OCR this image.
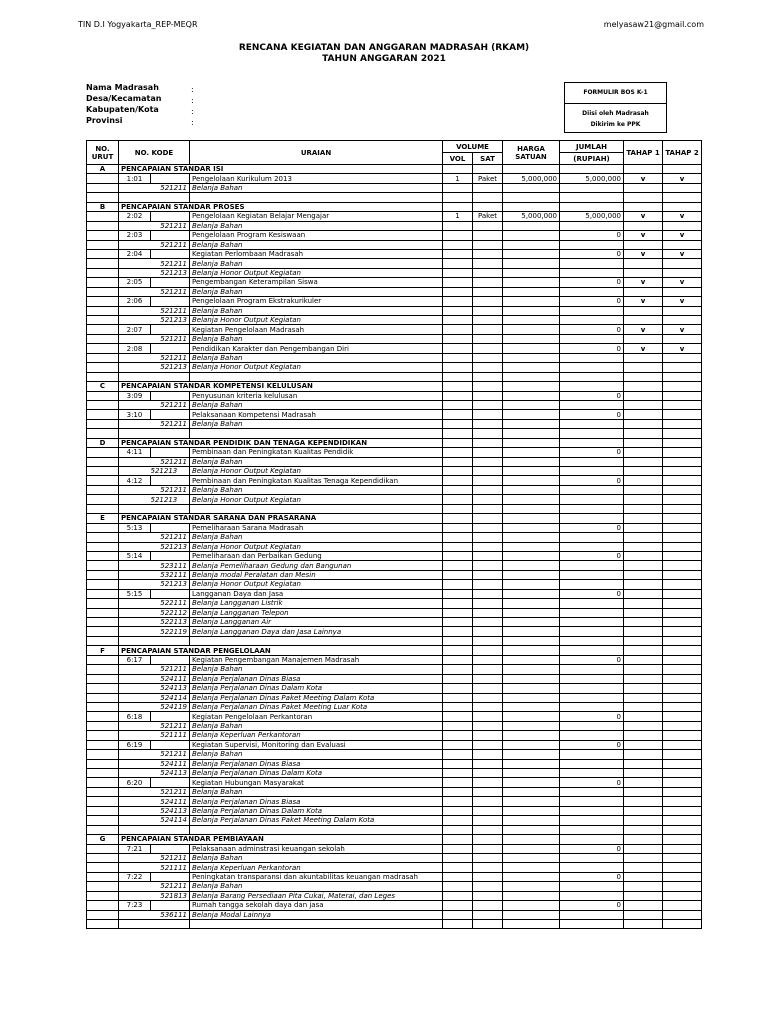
TIN D.I Yogyakarta_REP-MEQR	melyasaw21@gmail.com
RENCANA KEGIATAN DAN ANGGARAN MADRASAH (RKAM)
TAHUN ANGGARAN 2021
Nama Madrasah	:
Desa/Kecamatan	:
Kabupaten/Kota	:
Provinsi	:
FORMULIR BOS K-1
Diisi oleh Madrasah
Dikirim ke PPK
NO. URUT	NO. KODE		URAIAN	VOLUME		HARGA SATUAN	JUMLAH	TAHAP 1	TAHAP 2
				VOL	SAT		(RUPIAH)		
A	PENCAPAIAN STANDAR ISI								
	1:01		Pengelolaan Kurikulum 2013	1	Paket	5,000,000	5,000,000	v	v
		521211	Belanja Bahan						

B	PENCAPAIAN STANDAR PROSES								
	2:02		Pengelolaan Kegiatan Belajar Mengajar	1	Paket	5,000,000	5,000,000	v	v
		521211	Belanja Bahan						
	2:03		Pengelolaan Program Kesiswaan				0	v	v
		521211	Belanja Bahan						
	2:04		Kegiatan Perlombaan Madrasah				0	v	v
		521211	Belanja Bahan						
		521213	Belanja Honor Output Kegiatan						
	2:05		Pengembangan Keterampilan Siswa				0	v	v
		521211	Belanja Bahan						
	2:06		Pengelolaan Program Ekstrakurikuler				0	v	v
		521211	Belanja Bahan						
		521213	Belanja Honor Output Kegiatan						
	2:07		Kegiatan Pengelolaan Madrasah				0	v	v
		521211	Belanja Bahan						
	2:08		Pendidikan Karakter dan Pengembangan Diri				0	v	v
		521211	Belanja Bahan						
		521213	Belanja Honor Output Kegiatan						

C	PENCAPAIAN STANDAR KOMPETENSI KELULUSAN								
	3:09		Penyusunan kriteria kelulusan				0		
		521211	Belanja Bahan						
	3:10		Pelaksanaan Kompetensi Madrasah				0		
		521211	Belanja Bahan						

D	PENCAPAIAN STANDAR PENDIDIK DAN TENAGA KEPENDIDIKAN								
	4:11		Pembinaan dan Peningkatan Kualitas Pendidik				0		
		521211	Belanja Bahan						
		521213	Belanja Honor Output Kegiatan						
	4:12		Pembinaan dan Peningkatan Kualitas Tenaga Kependidikan				0		
		521211	Belanja Bahan						
		521213	Belanja Honor Output Kegiatan						

E	PENCAPAIAN STANDAR SARANA DAN PRASARANA								
	5:13		Pemeliharaan Sarana Madrasah				0		
		521211	Belanja Bahan						
		521213	Belanja Honor Output Kegiatan						
	5:14		Pemeliharaan dan Perbaikan Gedung				0		
		523111	Belanja Pemeliharaan Gedung dan Bangunan						
		532111	Belanja modal Peralatan dan Mesin						
		521213	Belanja Honor Output Kegiatan						
	5:15		Langganan Daya dan Jasa				0		
		522111	Belanja Langganan Listrik						
		522112	Belanja Langganan Telepon						
		522113	Belanja Langganan Air						
		522119	Belanja Langganan Daya dan Jasa Lainnya						

F	PENCAPAIAN STANDAR PENGELOLAAN								
	6:17		Kegiatan Pengembangan Manajemen Madrasah				0		
		521211	Belanja Bahan						
		524111	Belanja Perjalanan Dinas Biasa						
		524113	Belanja Perjalanan Dinas Dalam Kota						
		524114	Belanja Perjalanan Dinas Paket Meeting Dalam Kota						
		524119	Belanja Perjalanan Dinas Paket Meeting Luar Kota						
	6:18		Kegiatan Pengelolaan Perkantoran				0		
		521211	Belanja Bahan						
		521111	Belanja Keperluan Perkantoran						
	6:19		Kegiatan Supervisi, Monitoring dan Evaluasi				0		
		521211	Belanja Bahan						
		524111	Belanja Perjalanan Dinas Biasa						
		524113	Belanja Perjalanan Dinas Dalam Kota						
	6:20		Kegiatan Hubungan Masyarakat				0		
		521211	Belanja Bahan						
		524111	Belanja Perjalanan Dinas Biasa						
		524113	Belanja Perjalanan Dinas Dalam Kota						
		524114	Belanja Perjalanan Dinas Paket Meeting Dalam Kota						

G	PENCAPAIAN STANDAR PEMBIAYAAN								
	7:21		Pelaksanaan adminstrasi keuangan sekolah				0		
		521211	Belanja Bahan						
		521111	Belanja Keperluan Perkantoran						
	7:22		Peningkatan transparansi dan akuntabilitas keuangan madrasah				0		
		521211	Belanja Bahan						
		521813	Belanja Barang Persediaan Pita Cukai, Materai, dan Leges						
	7:23		Rumah tangga sekolah daya dan jasa				0		
		536111	Belanja Modal Lainnya						
